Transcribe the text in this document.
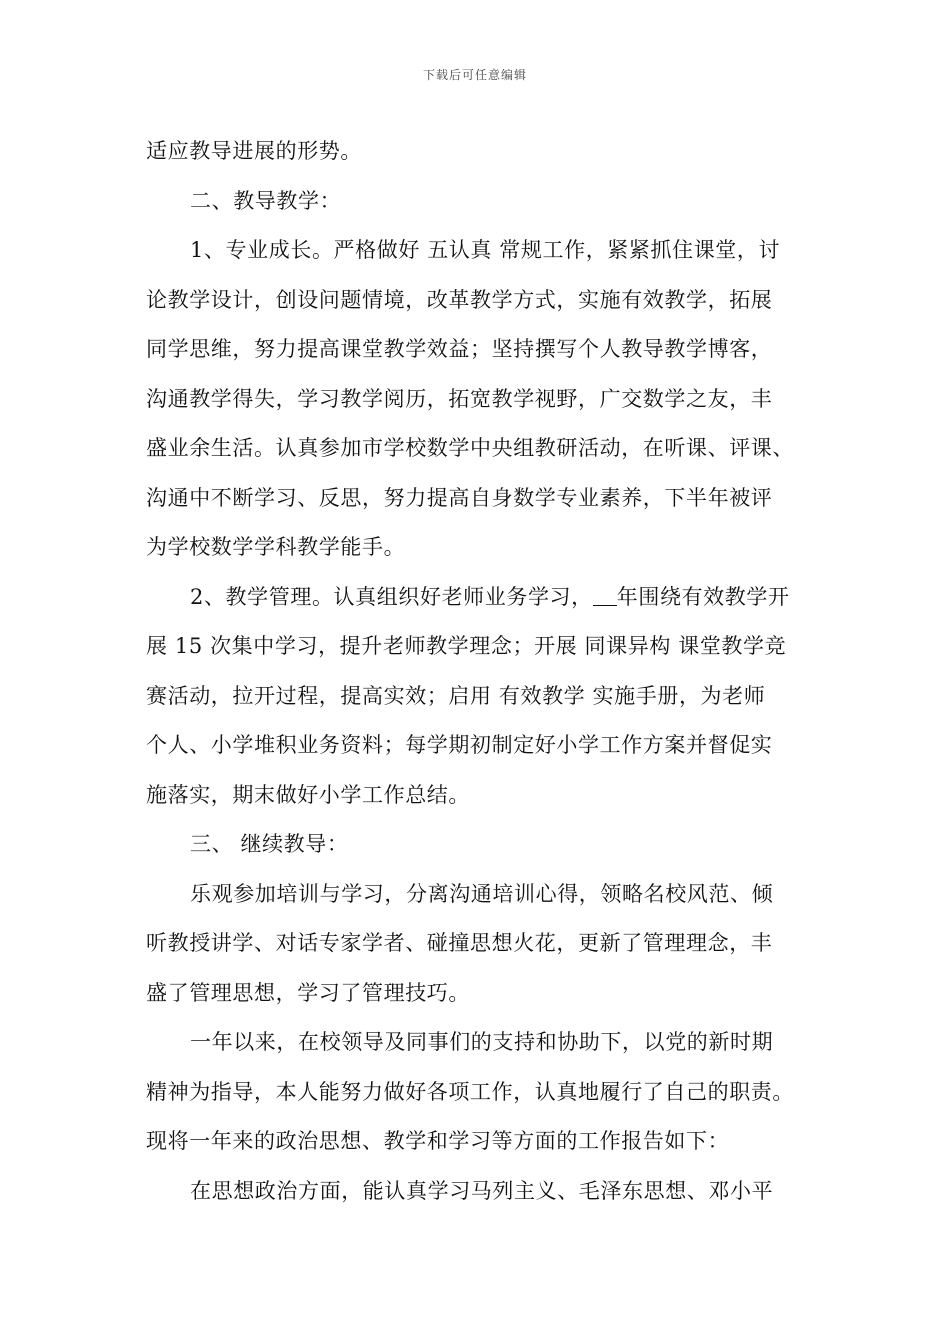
下载后可任意编辑
适应教导进展的形势。
二、教导教学：
1、专业成长。严格做好 五认真 常规工作，紧紧抓住课堂，讨
论教学设计，创设问题情境，改革教学方式，实施有效教学，拓展
同学思维，努力提高课堂教学效益；坚持撰写个人教导教学博客，
沟通教学得失，学习教学阅历，拓宽教学视野，广交数学之友，丰
盛业余生活。认真参加市学校数学中央组教研活动，在听课、评课、
沟通中不断学习、反思，努力提高自身数学专业素养，下半年被评
为学校数学学科教学能手。
2、教学管理。认真组织好老师业务学习， 年围绕有效教学开
展 15 次集中学习，提升老师教学理念；开展 同课异构 课堂教学竞
赛活动，拉开过程，提高实效；启用 有效教学 实施手册，为老师
个人、小学堆积业务资料；每学期初制定好小学工作方案并督促实
施落实，期末做好小学工作总结。
三、 继续教导：
乐观参加培训与学习，分离沟通培训心得，领略名校风范、倾
听教授讲学、对话专家学者、碰撞思想火花，更新了管理理念，丰
盛了管理思想，学习了管理技巧。
一年以来，在校领导及同事们的支持和协助下，以党的新时期
精神为指导，本人能努力做好各项工作，认真地履行了自己的职责。
现将一年来的政治思想、教学和学习等方面的工作报告如下：
在思想政治方面，能认真学习马列主义、毛泽东思想、邓小平
